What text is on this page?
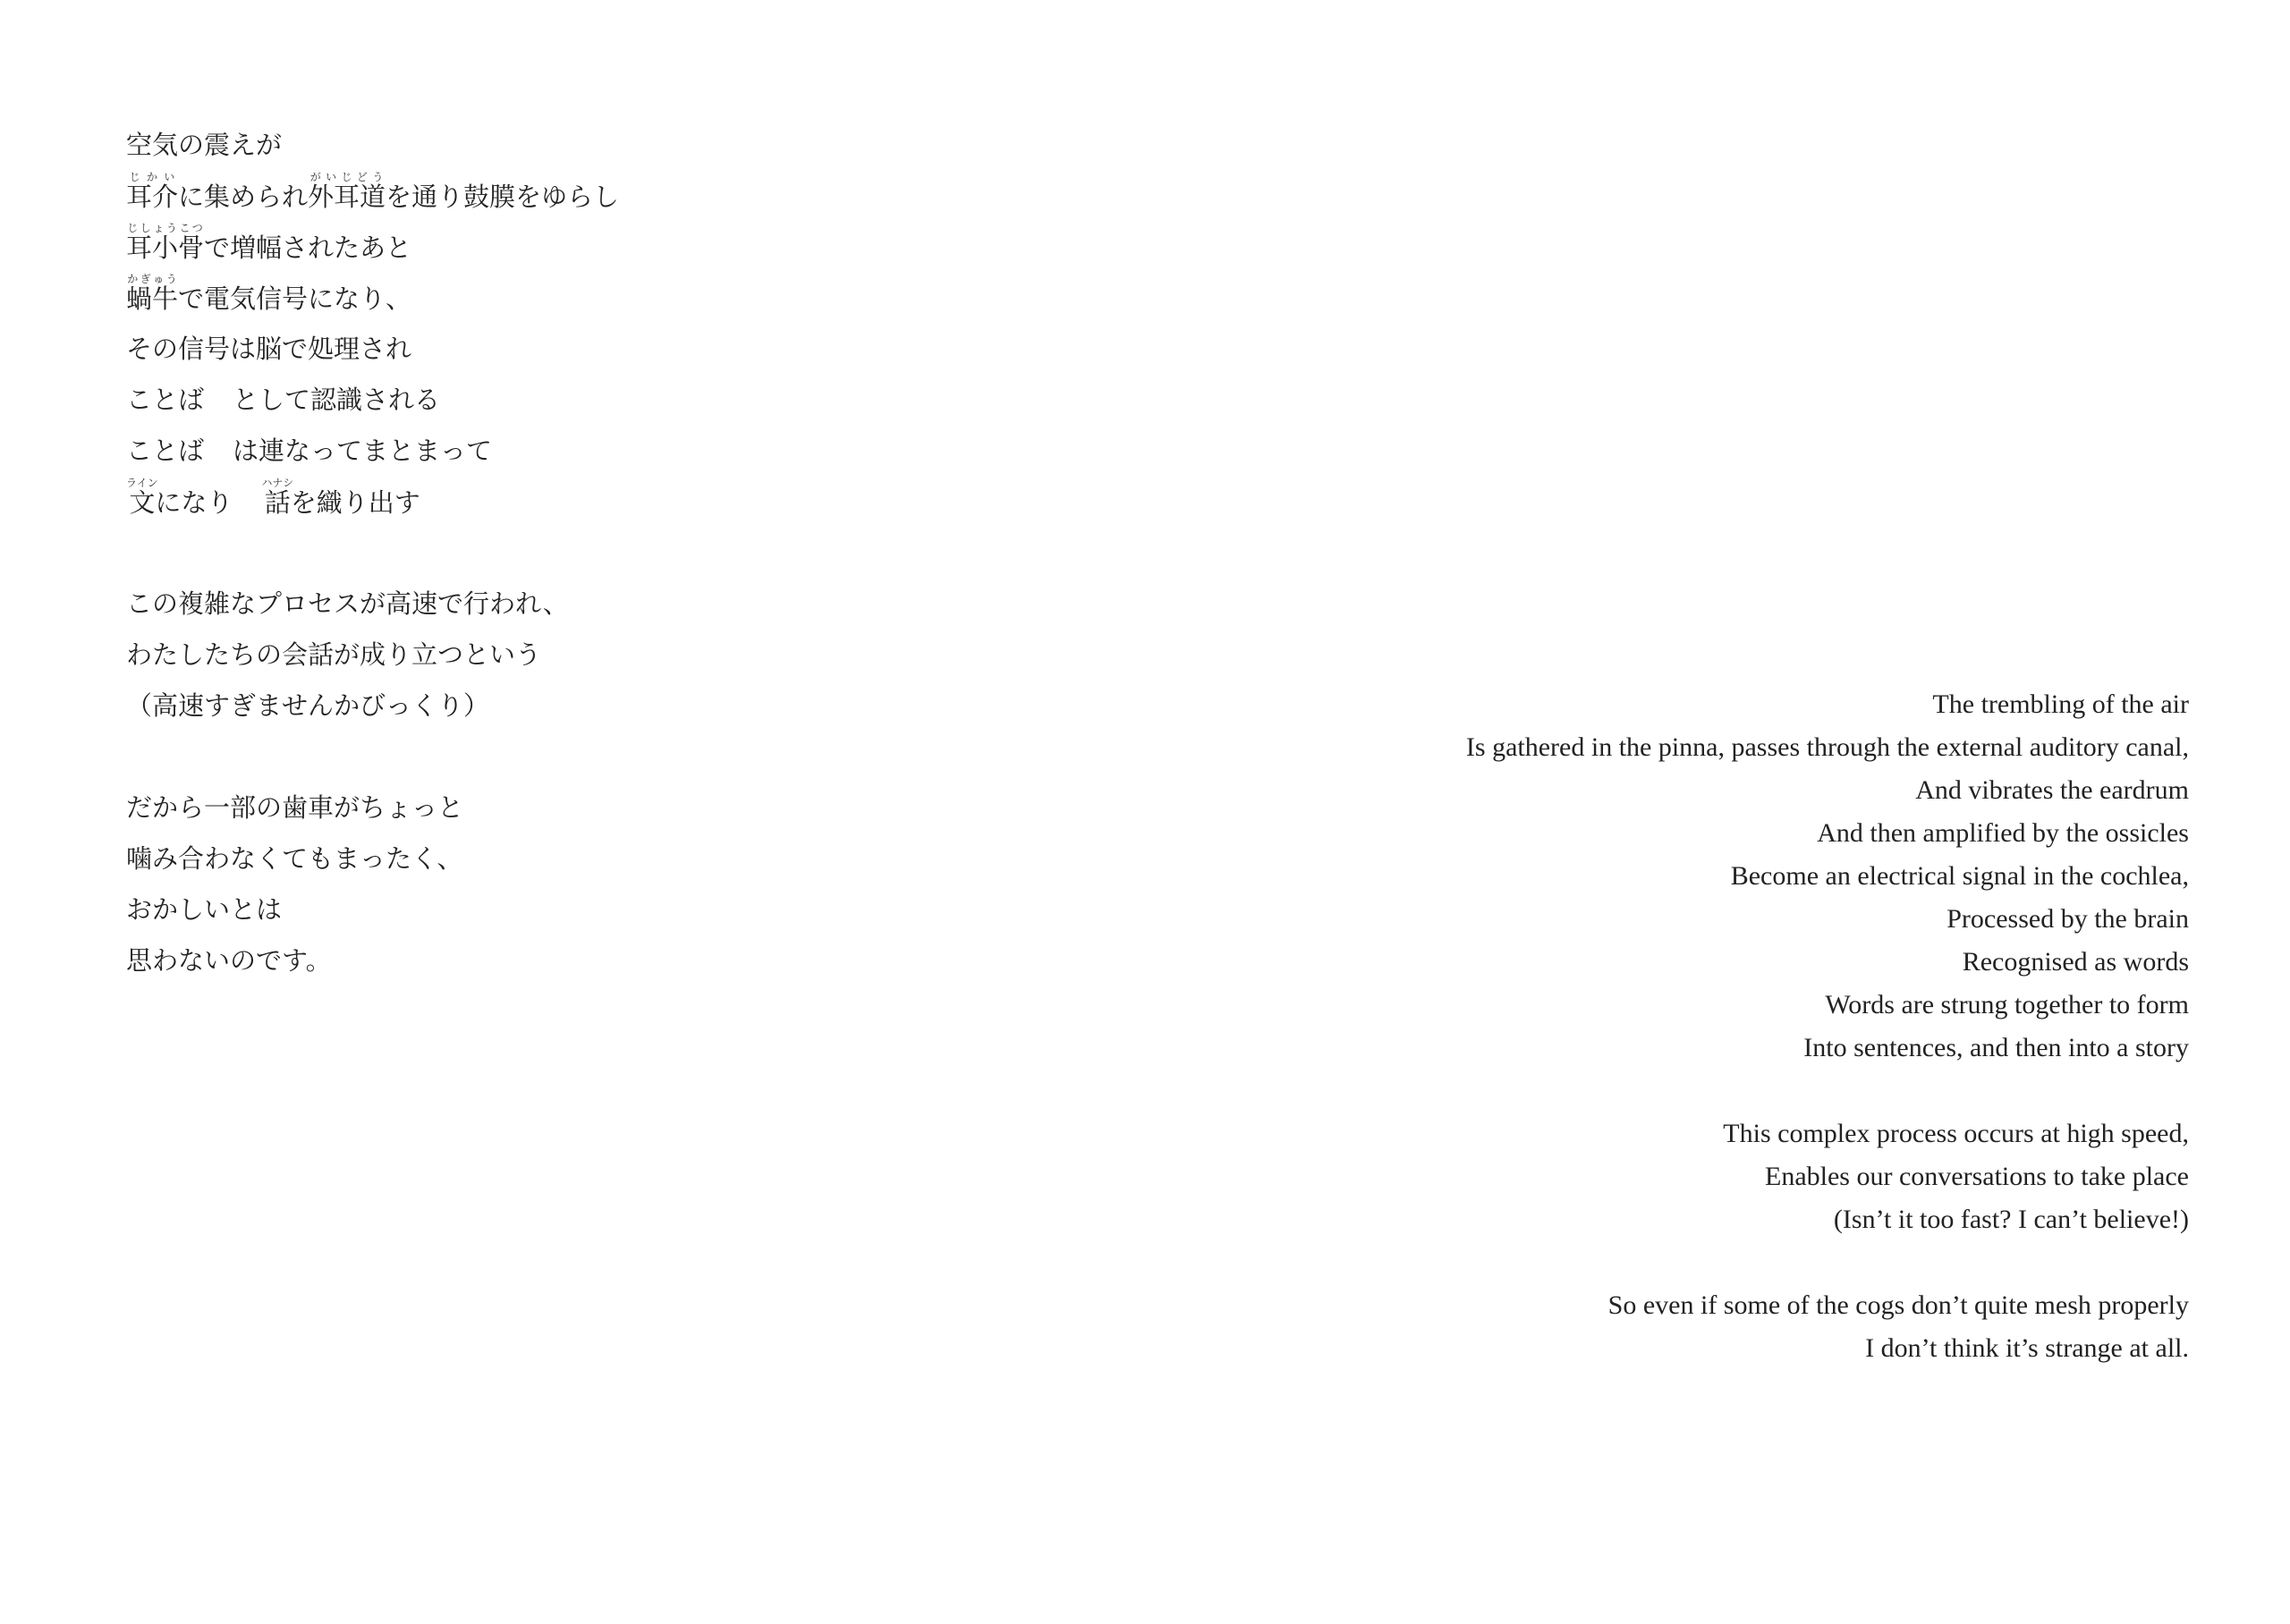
空気の震えが
耳介じかいに集められ外耳道がいじどうを通り鼓膜をゆらし
耳小骨じしょうこつで増幅されたあと
蝸牛かぎゅうで電気信号になり、
その信号は脳で処理され
ことば として認識される
ことば は連なってまとまって
文ラインになり 話ハナシを織り出す
この複雑なプロセスが高速で行われ、
わたしたちの会話が成り立つという
（高速すぎませんかびっくり）
だから一部の歯車がちょっと
噛み合わなくてもまったく、
おかしいとは
思わないのです。
The trembling of the air
Is gathered in the pinna, passes through the external auditory canal,
And vibrates the eardrum
And then amplified by the ossicles
Become an electrical signal in the cochlea,
Processed by the brain
Recognised as words
Words are strung together to form
Into sentences, and then into a story
This complex process occurs at high speed,
Enables our conversations to take place
(Isn’t it too fast? I can’t believe!)
So even if some of the cogs don’t quite mesh properly
I don’t think it’s strange at all.
